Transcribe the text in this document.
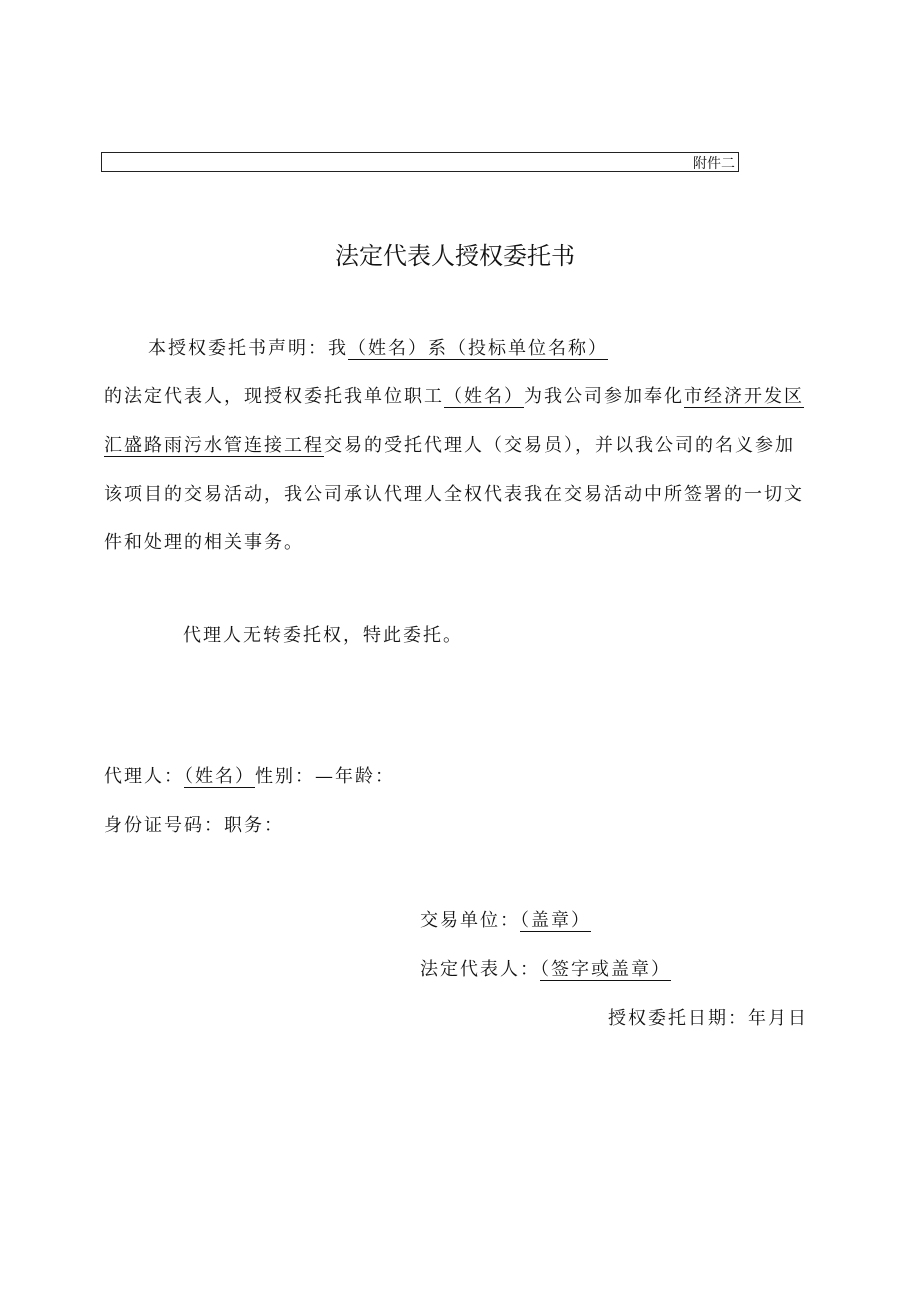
附件二
法定代表人授权委托书
本授权委托书声明：我（姓名）系（投标单位名称）
的法定代表人，现授权委托我单位职工（姓名）为我公司参加奉化市经济开发区
汇盛路雨污水管连接工程交易的受托代理人（交易员），并以我公司的名义参加
该项目的交易活动，我公司承认代理人全权代表我在交易活动中所签署的一切文
件和处理的相关事务。
代理人无转委托权，特此委托。
代理人：（姓名）性别：—年龄：
身份证号码：职务：
交易单位：（盖章）
法定代表人：（签字或盖章）
授权委托日期：年月日
